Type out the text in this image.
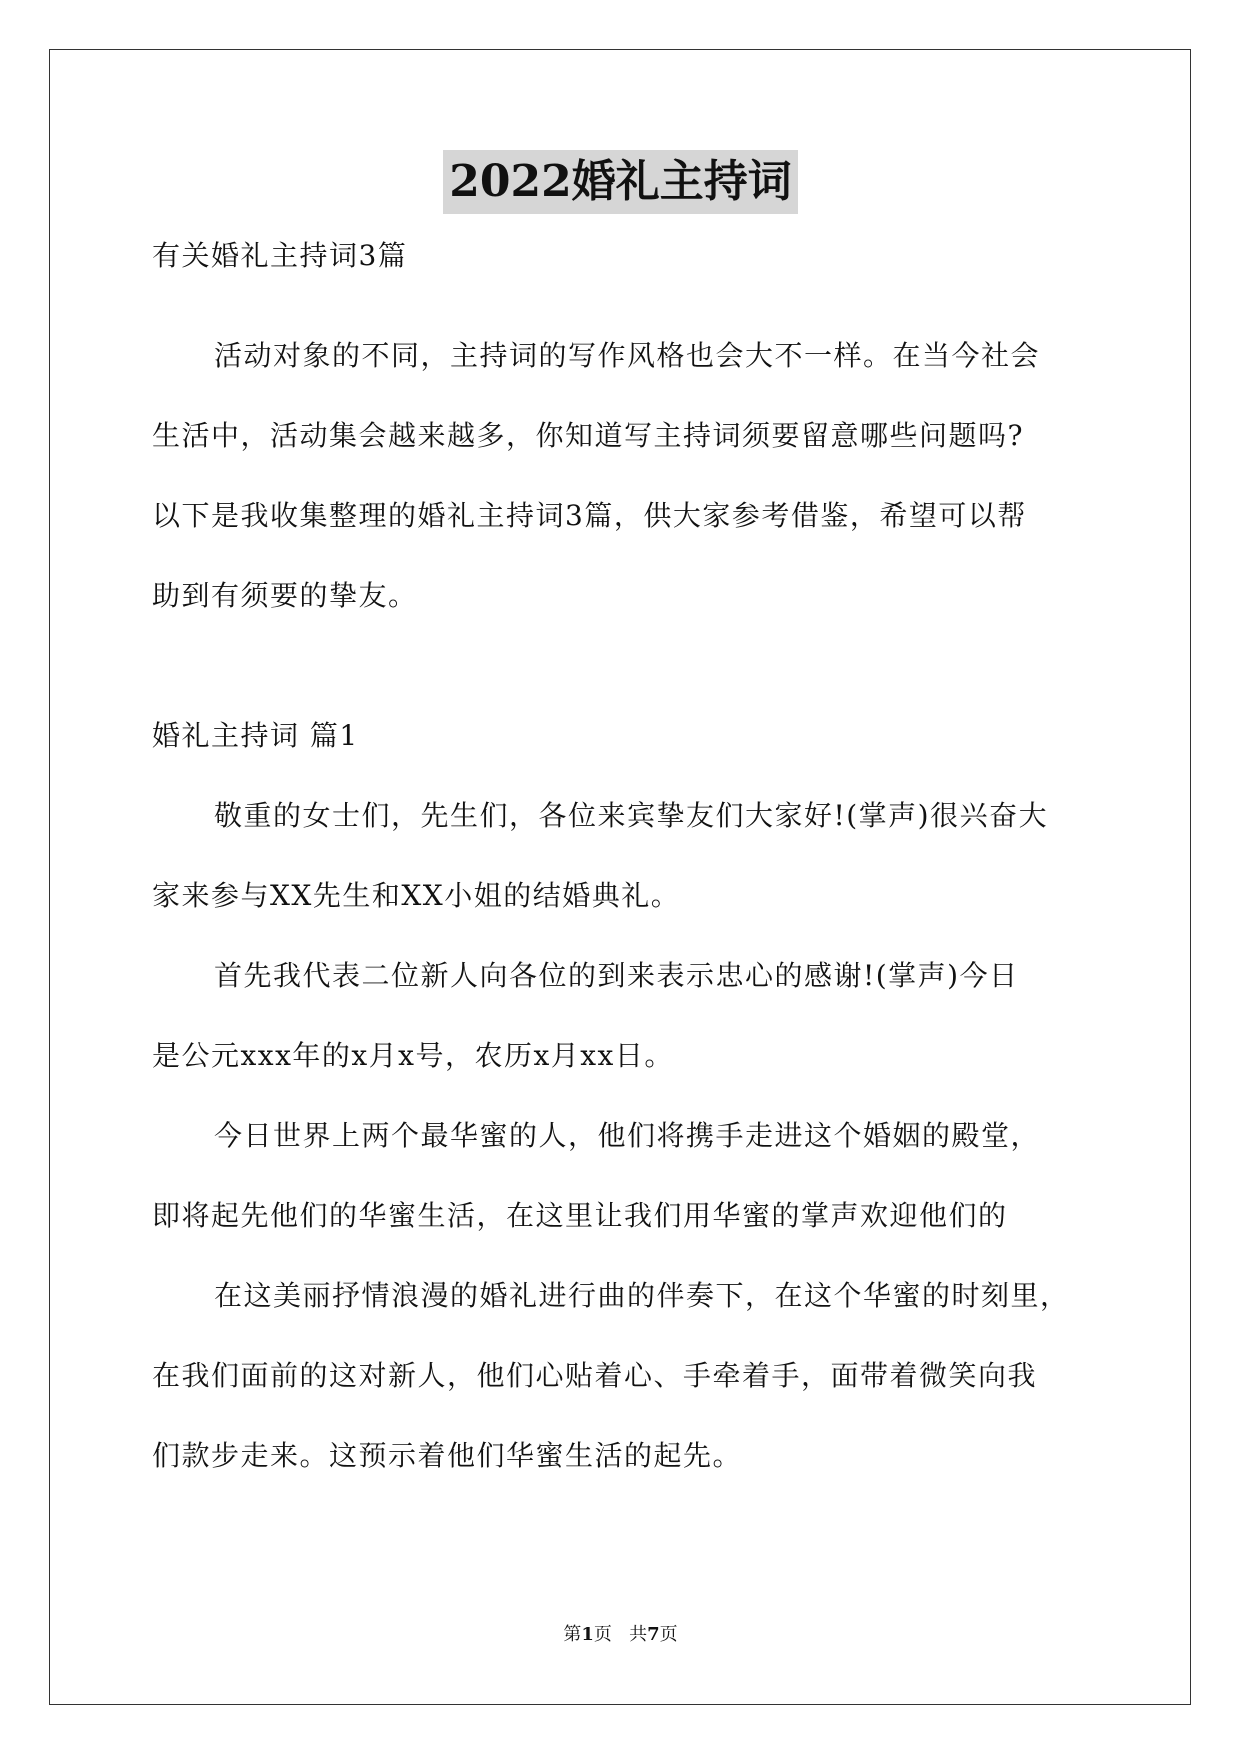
2022婚礼主持词
有关婚礼主持词3篇
活动对象的不同，主持词的写作风格也会大不一样。在当今社会
生活中，活动集会越来越多，你知道写主持词须要留意哪些问题吗?
以下是我收集整理的婚礼主持词3篇，供大家参考借鉴，希望可以帮
助到有须要的挚友。
婚礼主持词 篇1
敬重的女士们，先生们，各位来宾挚友们大家好!(掌声)很兴奋大
家来参与XX先生和XX小姐的结婚典礼。
首先我代表二位新人向各位的到来表示忠心的感谢!(掌声)今日
是公元xxx年的x月x号，农历x月xx日。
今日世界上两个最华蜜的人，他们将携手走进这个婚姻的殿堂，
即将起先他们的华蜜生活，在这里让我们用华蜜的掌声欢迎他们的
在这美丽抒情浪漫的婚礼进行曲的伴奏下，在这个华蜜的时刻里，
在我们面前的这对新人，他们心贴着心、手牵着手，面带着微笑向我
们款步走来。这预示着他们华蜜生活的起先。
第1页 共7页
